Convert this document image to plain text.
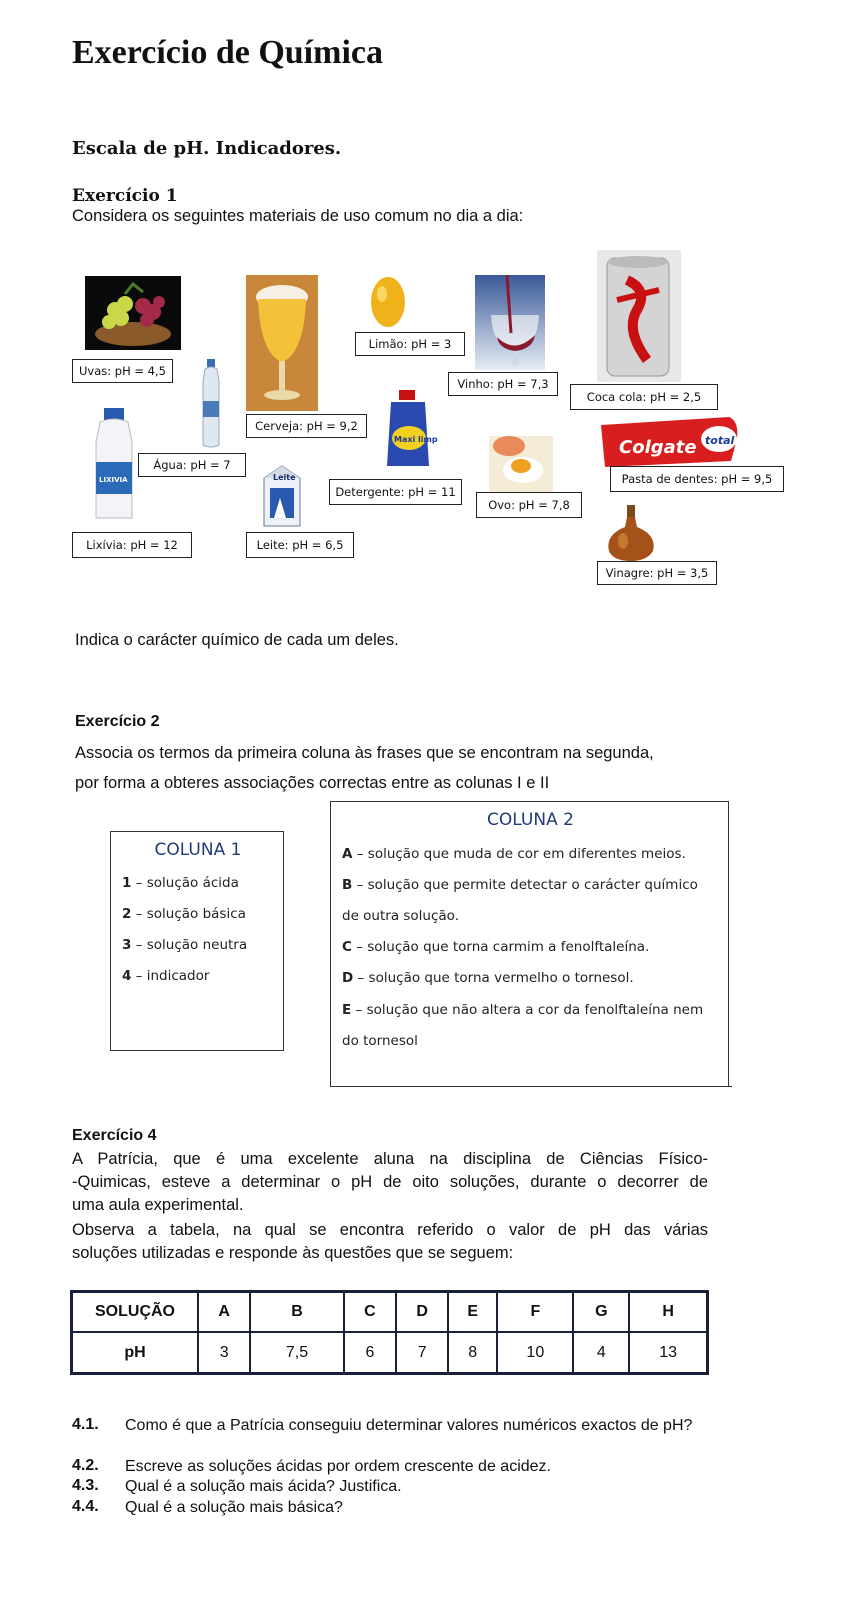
Exercício de Química
Escala de pH. Indicadores.
Exercício 1
Considera os seguintes materiais de uso comum no dia a dia:
Colgate total
Maxi limp
LIXIVIA	Leite
Uvas: pH = 4,5
Limão: pH = 3
Vinho: pH = 7,3
Coca cola: pH = 2,5
Cerveja: pH = 9,2
Água: pH = 7
Pasta de dentes: pH = 9,5
Detergente: pH = 11
Ovo: pH = 7,8
Lixívia: pH = 12	Leite: pH = 6,5
Vinagre: pH = 3,5
Indica o carácter químico de cada um deles.
Exercício 2
Associa os termos da primeira coluna às frases que se encontram na segunda,
por forma a obteres associações correctas entre as colunas I e II
COLUNA 1
1 – solução ácida
2 – solução básica
3 – solução neutra
4 – indicador
COLUNA 2
A – solução que muda de cor em diferentes meios.
B – solução que permite detectar o carácter químico
de outra solução.
C – solução que torna carmim a fenolftaleína.
D – solução que torna vermelho o tornesol.
E – solução que não altera a cor da fenolftaleína nem
do tornesol
Exercício 4
A Patrícia, que é uma excelente aluna na disciplina de Ciências Físico-
-Quimicas, esteve a determinar o pH de oito soluções, durante o decorrer de
uma aula experimental.
Observa a tabela, na qual se encontra referido o valor de pH das várias
soluções utilizadas e responde às questões que se seguem:
SOLUÇÃO	A	B	C	D	E	F	G	H
pH	3	7,5	6	7	8	10	4	13
4.1. Como é que a Patrícia conseguiu determinar valores numéricos exactos de pH?
4.2. Escreve as soluções ácidas por ordem crescente de acidez.
4.3. Qual é a solução mais ácida? Justifica.
4.4. Qual é a solução mais básica?
